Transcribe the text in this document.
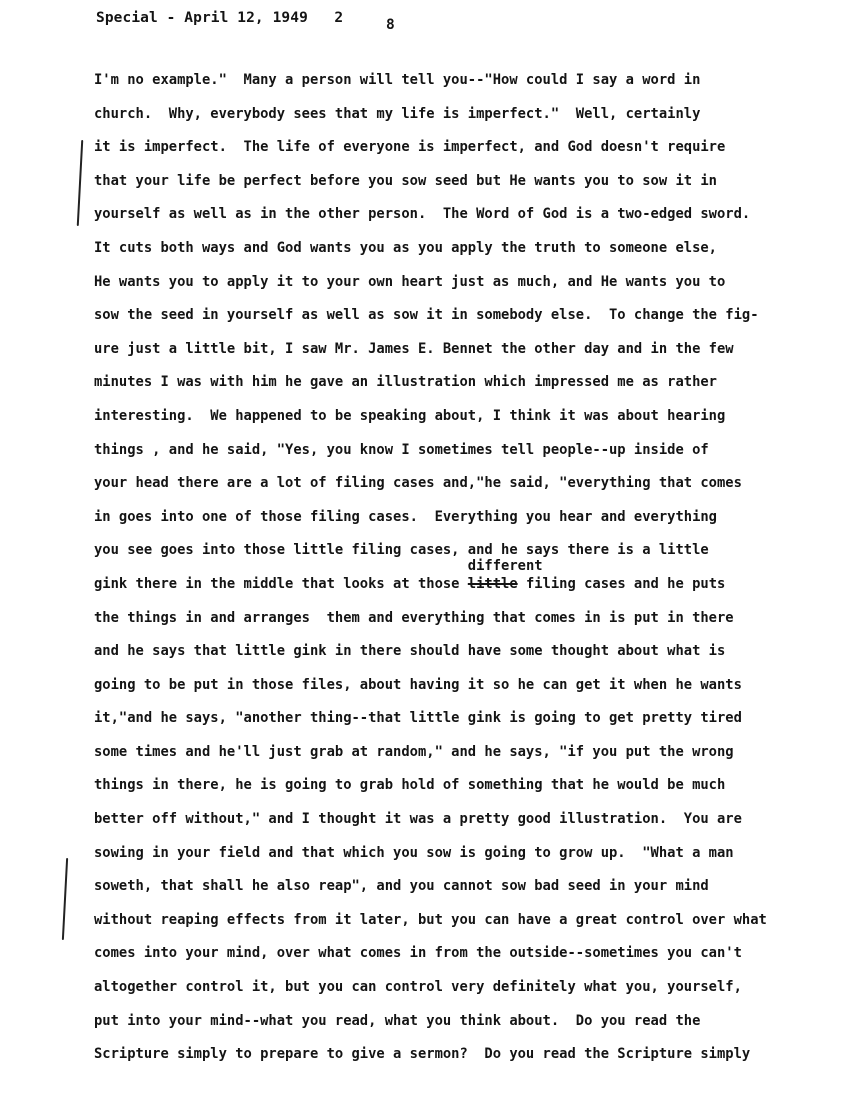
Special - April 12, 1949   2	8
I'm no example."  Many a person will tell you--"How could I say a word in
church.  Why, everybody sees that my life is imperfect."  Well, certainly
it is imperfect.  The life of everyone is imperfect, and God doesn't require
that your life be perfect before you sow seed but He wants you to sow it in
yourself as well as in the other person.  The Word of God is a two-edged sword.
It cuts both ways and God wants you as you apply the truth to someone else,
He wants you to apply it to your own heart just as much, and He wants you to
sow the seed in yourself as well as sow it in somebody else.  To change the fig-
ure just a little bit, I saw Mr. James E. Bennet the other day and in the few
minutes I was with him he gave an illustration which impressed me as rather
interesting.  We happened to be speaking about, I think it was about hearing
things , and he said, "Yes, you know I sometimes tell people--up inside of
your head there are a lot of filing cases and,"he said, "everything that comes
in goes into one of those filing cases.  Everything you hear and everything
you see goes into those little filing cases, and he says there is a little
gink there in the middle that looks at those
different
little filing cases and he puts
the things in and arranges  them and everything that comes in is put in there
and he says that little gink in there should have some thought about what is
going to be put in those files, about having it so he can get it when he wants
it,"and he says, "another thing--that little gink is going to get pretty tired
some times and he'll just grab at random," and he says, "if you put the wrong
things in there, he is going to grab hold of something that he would be much
better off without," and I thought it was a pretty good illustration.  You are
sowing in your field and that which you sow is going to grow up.  "What a man
soweth, that shall he also reap", and you cannot sow bad seed in your mind
without reaping effects from it later, but you can have a great control over what
comes into your mind, over what comes in from the outside--sometimes you can't
altogether control it, but you can control very definitely what you, yourself,
put into your mind--what you read, what you think about.  Do you read the
Scripture simply to prepare to give a sermon?  Do you read the Scripture simply
